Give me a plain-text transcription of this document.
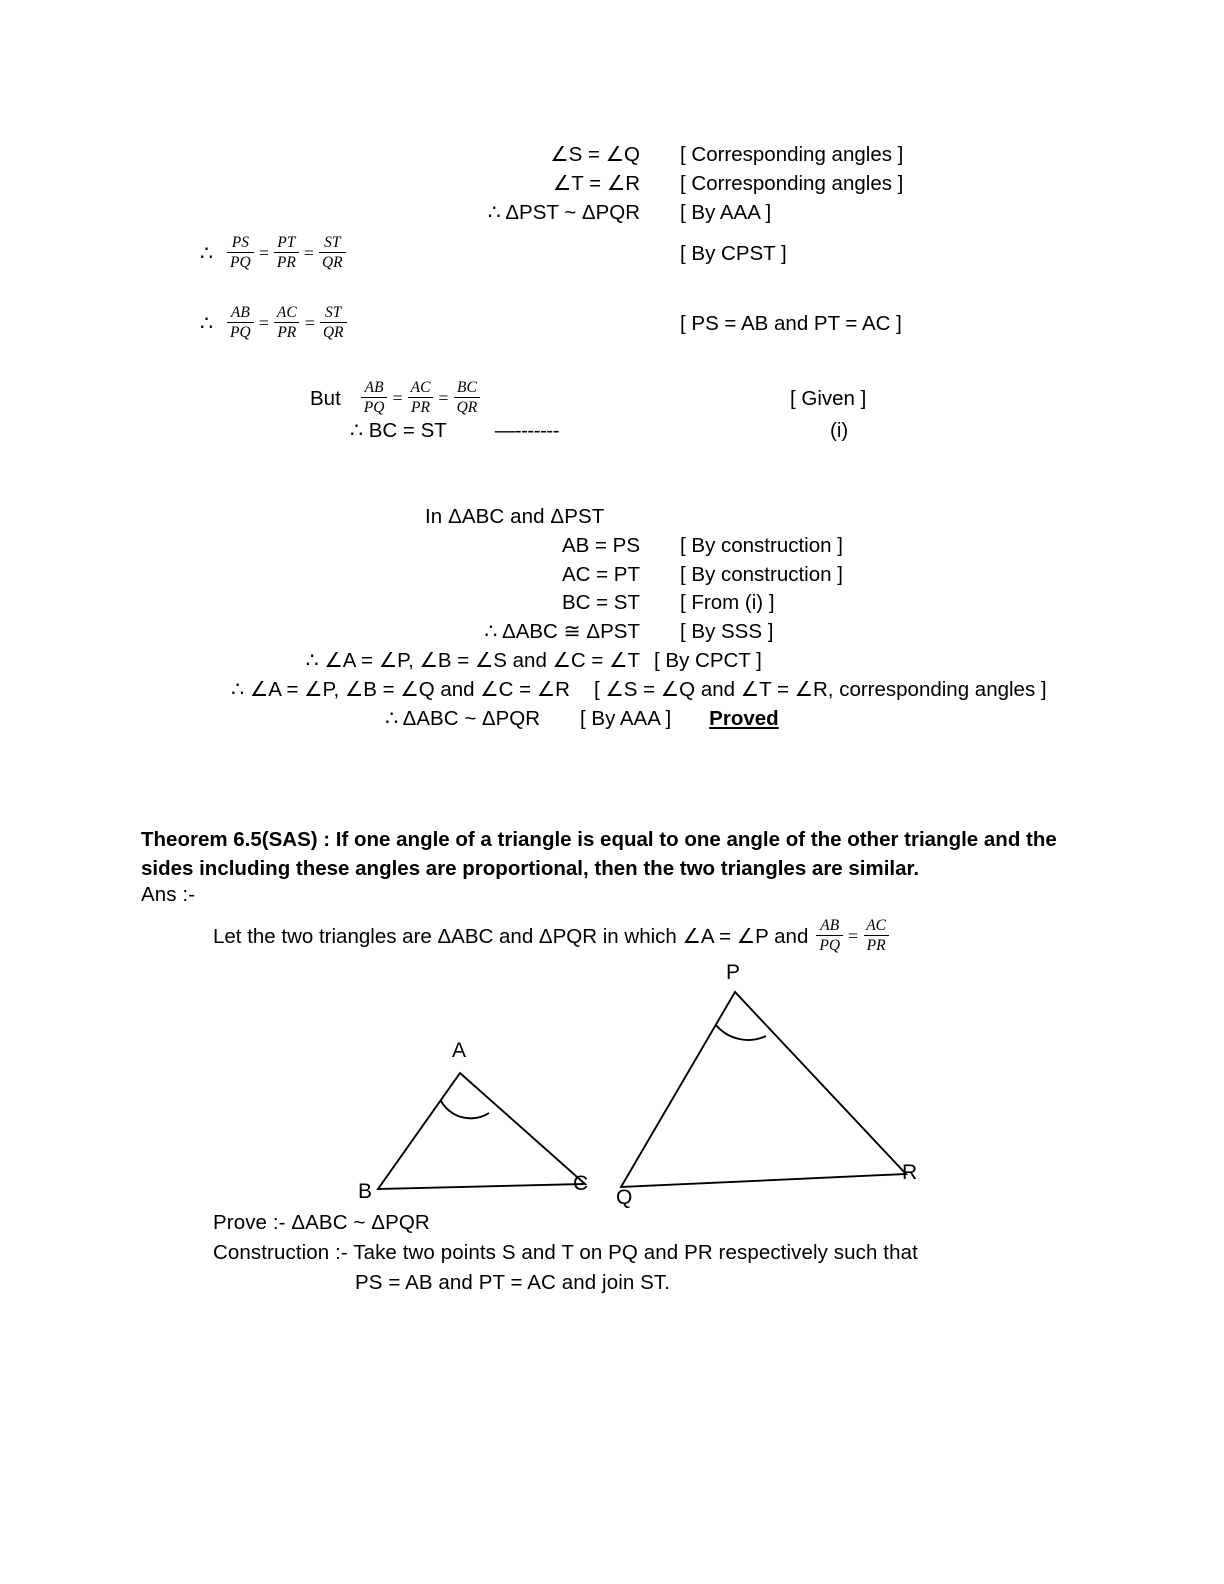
∠S = ∠Q [ Corresponding angles ]
∠T = ∠R [ Corresponding angles ]
∴ ΔPST ~ ΔPQR [ By AAA ]
∴ $\frac{PS}{PQ} = \frac{PT}{PR} = \frac{ST}{QR}$	[ By CPST ]
∴ $\frac{AB}{PQ} = \frac{AC}{PR} = \frac{ST}{QR}$	[ PS = AB and PT = AC ]
But $\frac{AB}{PQ} = \frac{AC}{PR} = \frac{BC}{QR}$	[ Given ]
∴ BC = ST —-------	(i)
In ΔABC and ΔPST
AB = PS [ By construction ]
AC = PT [ By construction ]
BC = ST [ From (i) ]
∴ ΔABC ≅ ΔPST [ By SSS ]
∴ ∠A = ∠P, ∠B = ∠S and ∠C = ∠T [ By CPCT ]
∴ ∠A = ∠P, ∠B = ∠Q and ∠C = ∠R [ ∠S = ∠Q and ∠T = ∠R, corresponding angles ]
∴ ΔABC ~ ΔPQR [ By AAA ] Proved
Theorem 6.5(SAS) : If one angle of a triangle is equal to one angle of the other triangle and the sides including these angles are proportional, then the two triangles are similar.
Ans :-
Let the two triangles are ΔABC and ΔPQR in which ∠A = ∠P and $\frac{AB}{PQ} = \frac{AC}{PR}$
A
B	C
P
Q
R
Prove :- ΔABC ~ ΔPQR
Construction :- Take two points S and T on PQ and PR respectively such that
PS = AB and PT = AC and join ST.
